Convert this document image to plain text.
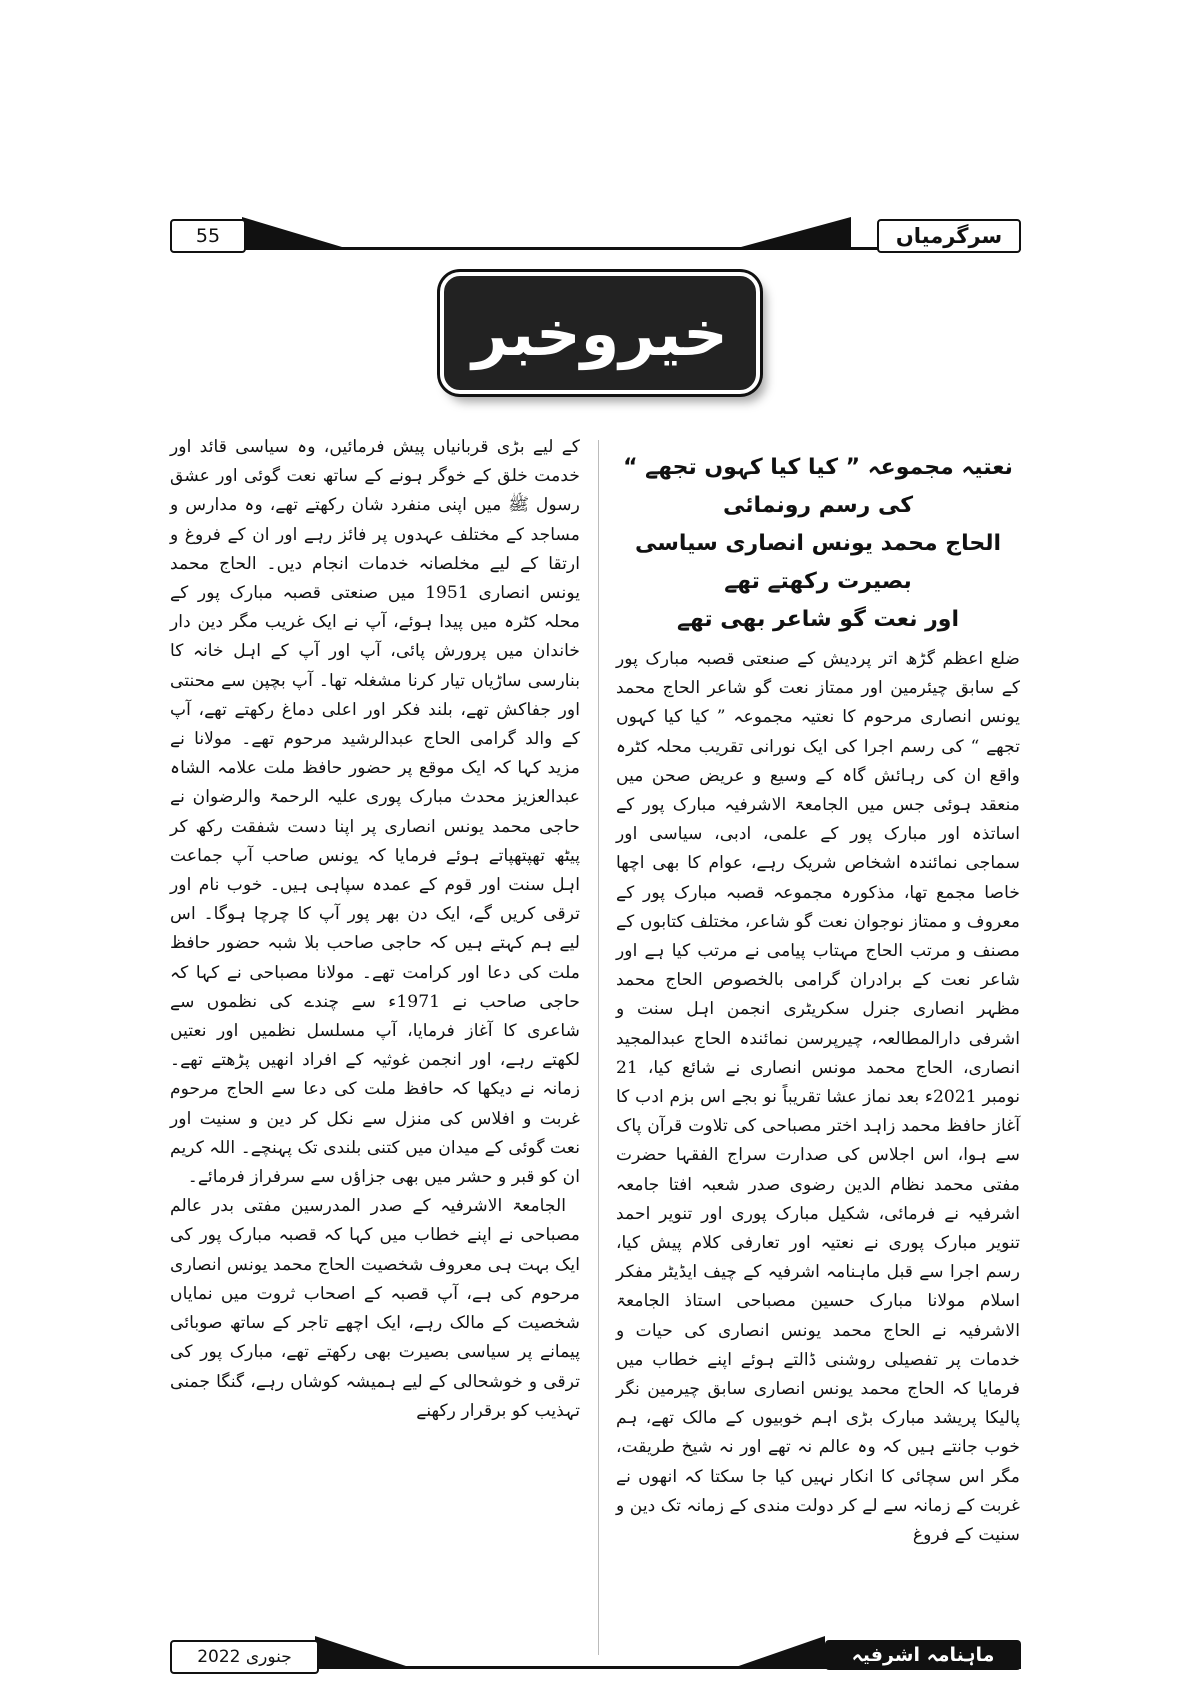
55	سرگرمیاں
خیروخبر

نعتیہ مجموعہ ” کیا کیا کہوں تجھے “ کی رسم رونمائی
الحاج محمد یونس انصاری سیاسی بصیرت رکھتے تھے
اور نعت گو شاعر بھی تھے

ضلع اعظم گڑھ اتر پردیش کے صنعتی قصبہ مبارک پور کے سابق چیئرمین اور ممتاز نعت گو شاعر الحاج محمد یونس انصاری مرحوم کا نعتیہ مجموعہ ” کیا کیا کہوں تجھے “ کی رسم اجرا کی ایک نورانی تقریب محلہ کٹرہ واقع ان کی رہائش گاہ کے وسیع و عریض صحن میں منعقد ہوئی جس میں الجامعۃ الاشرفیہ مبارک پور کے اساتذہ اور مبارک پور کے علمی، ادبی، سیاسی اور سماجی نمائندہ اشخاص شریک رہے، عوام کا بھی اچھا خاصا مجمع تھا، مذکورہ مجموعہ قصبہ مبارک پور کے معروف و ممتاز نوجوان نعت گو شاعر، مختلف کتابوں کے مصنف و مرتب الحاج مہتاب پیامی نے مرتب کیا ہے اور شاعر نعت کے برادران گرامی بالخصوص الحاج محمد مظہر انصاری جنرل سکریٹری انجمن اہل سنت و اشرفی دارالمطالعہ، چیرپرسن نمائندہ الحاج عبدالمجید انصاری، الحاج محمد مونس انصاری نے شائع کیا، 21 نومبر 2021ء بعد نماز عشا تقریباً نو بجے اس بزم ادب کا آغاز حافظ محمد زاہد اختر مصباحی کی تلاوت قرآن پاک سے ہوا، اس اجلاس کی صدارت سراج الفقہا حضرت مفتی محمد نظام الدین رضوی صدر شعبہ افتا جامعہ اشرفیہ نے فرمائی، شکیل مبارک پوری اور تنویر احمد تنویر مبارک پوری نے نعتیہ اور تعارفی کلام پیش کیا، رسم اجرا سے قبل ماہنامہ اشرفیہ کے چیف ایڈیٹر مفکر اسلام مولانا مبارک حسین مصباحی استاذ الجامعۃ الاشرفیہ نے الحاج محمد یونس انصاری کی حیات و خدمات پر تفصیلی روشنی ڈالتے ہوئے اپنے خطاب میں فرمایا کہ الحاج محمد یونس انصاری سابق چیرمین نگر پالیکا پریشد مبارک بڑی اہم خوبیوں کے مالک تھے، ہم خوب جانتے ہیں کہ وہ عالم نہ تھے اور نہ شیخ طریقت، مگر اس سچائی کا انکار نہیں کیا جا سکتا کہ انھوں نے غربت کے زمانہ سے لے کر دولت مندی کے زمانہ تک دین و سنیت کے فروغ

کے لیے بڑی قربانیاں پیش فرمائیں، وہ سیاسی قائد اور خدمت خلق کے خوگر ہونے کے ساتھ نعت گوئی اور عشق رسول ﷺ میں اپنی منفرد شان رکھتے تھے، وہ مدارس و مساجد کے مختلف عہدوں پر فائز رہے اور ان کے فروغ و ارتقا کے لیے مخلصانہ خدمات انجام دیں۔ الحاج محمد یونس انصاری 1951 میں صنعتی قصبہ مبارک پور کے محلہ کٹرہ میں پیدا ہوئے، آپ نے ایک غریب مگر دین دار خاندان میں پرورش پائی، آپ اور آپ کے اہل خانہ کا بنارسی ساڑیاں تیار کرنا مشغلہ تھا۔ آپ بچپن سے محنتی اور جفاکش تھے، بلند فکر اور اعلی دماغ رکھتے تھے، آپ کے والد گرامی الحاج عبدالرشید مرحوم تھے۔ مولانا نے مزید کہا کہ ایک موقع پر حضور حافظ ملت علامہ الشاہ عبدالعزیز محدث مبارک پوری علیہ الرحمۃ والرضوان نے حاجی محمد یونس انصاری پر اپنا دست شفقت رکھ کر پیٹھ تھپتھپاتے ہوئے فرمایا کہ یونس صاحب آپ جماعت اہل سنت اور قوم کے عمدہ سپاہی ہیں۔ خوب نام اور ترقی کریں گے، ایک دن بھر پور آپ کا چرچا ہوگا۔ اس لیے ہم کہتے ہیں کہ حاجی صاحب بلا شبہ حضور حافظ ملت کی دعا اور کرامت تھے۔ مولانا مصباحی نے کہا کہ حاجی صاحب نے 1971ء سے چندے کی نظموں سے شاعری کا آغاز فرمایا، آپ مسلسل نظمیں اور نعتیں لکھتے رہے، اور انجمن غوثیہ کے افراد انھیں پڑھتے تھے۔ زمانہ نے دیکھا کہ حافظ ملت کی دعا سے الحاج مرحوم غربت و افلاس کی منزل سے نکل کر دین و سنیت اور نعت گوئی کے میدان میں کتنی بلندی تک پہنچے۔ اللہ کریم ان کو قبر و حشر میں بھی جزاؤں سے سرفراز فرمائے۔

الجامعۃ الاشرفیہ کے صدر المدرسین مفتی بدر عالم مصباحی نے اپنے خطاب میں کہا کہ قصبہ مبارک پور کی ایک بہت ہی معروف شخصیت الحاج محمد یونس انصاری مرحوم کی ہے، آپ قصبہ کے اصحاب ثروت میں نمایاں شخصیت کے مالک رہے، ایک اچھے تاجر کے ساتھ صوبائی پیمانے پر سیاسی بصیرت بھی رکھتے تھے، مبارک پور کی ترقی و خوشحالی کے لیے ہمیشہ کوشاں رہے، گنگا جمنی تہذیب کو برقرار رکھنے

جنوری 2022	ماہنامہ اشرفیہ
